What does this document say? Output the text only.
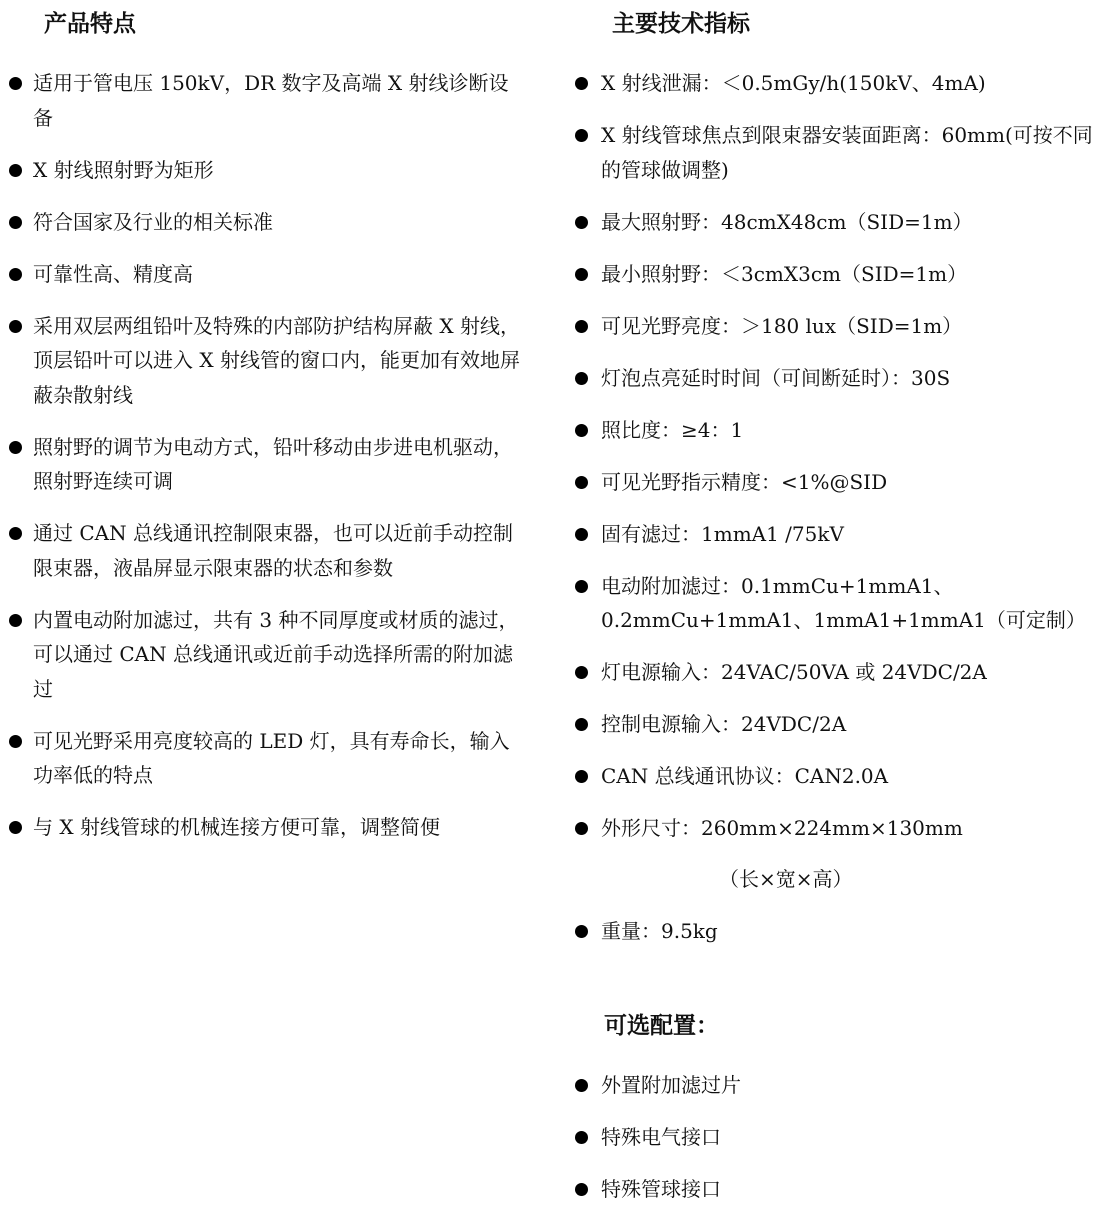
产品特点
适用于管电压 150kV，DR 数字及高端 X 射线诊断设备
X 射线照射野为矩形
符合国家及行业的相关标准
可靠性高、精度高
采用双层两组铅叶及特殊的内部防护结构屏蔽 X 射线，顶层铅叶可以进入 X 射线管的窗口内，能更加有效地屏蔽杂散射线
照射野的调节为电动方式，铅叶移动由步进电机驱动，照射野连续可调
通过 CAN 总线通讯控制限束器，也可以近前手动控制限束器，液晶屏显示限束器的状态和参数
内置电动附加滤过，共有 3 种不同厚度或材质的滤过，可以通过 CAN 总线通讯或近前手动选择所需的附加滤过
可见光野采用亮度较高的 LED 灯，具有寿命长，输入功率低的特点
与 X 射线管球的机械连接方便可靠，调整简便
主要技术指标
X 射线泄漏：＜0.5mGy/h(150kV、4mA)
X 射线管球焦点到限束器安装面距离：60mm(可按不同的管球做调整)
最大照射野：48cmX48cm（SID=1m）
最小照射野：＜3cmX3cm（SID=1m）
可见光野亮度：＞180 lux（SID=1m）
灯泡点亮延时时间（可间断延时）：30S
照比度：≥4：1
可见光野指示精度：<1%@SID
固有滤过：1mmA1 /75kV
电动附加滤过：0.1mmCu+1mmA1、0.2mmCu+1mmA1、1mmA1+1mmA1（可定制）
灯电源输入：24VAC/50VA 或 24VDC/2A
控制电源输入：24VDC/2A
CAN 总线通讯协议：CAN2.0A
外形尺寸：260mm×224mm×130mm
（长×宽×高）
重量：9.5kg
可选配置：
外置附加滤过片
特殊电气接口
特殊管球接口
